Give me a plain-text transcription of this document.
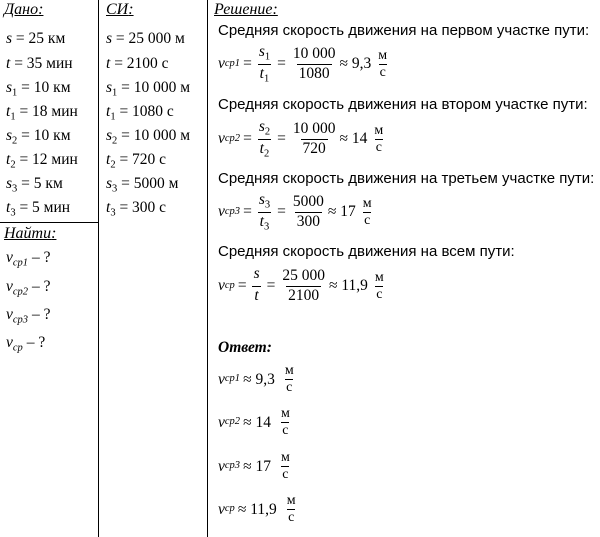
Дано:	СИ:	Решение:
s = 25 км
t = 35 мин
$s_1 = 10$ км
$t_1 = 18$ мин
$s_2 = 10$ км
$t_2 = 12$ мин
$s_3 = 5$ км
$t_3 = 5$ мин
s = 25 000 м
t = 2100 с
$s_1 = 10$ 000 м
$t_1 = 1080$ с
$s_2 = 10$ 000 м
$t_2 = 720$ с
$s_3 = 5000$ м
$t_3 = 300$ с
Найти:
$v_{ср1}$ – ?
$v_{ср2}$ – ?
$v_{ср3}$ – ?
$v_{ср}$ – ?
Средняя скорость движения на первом участке пути:
v $ср1 = \frac{s_1}{t_1} = \frac{10 000}{1080} \approx 9,3 \frac{м}{с}$
Средняя скорость движения на втором участке пути:
v $ср2 = \frac{s_2}{t_2} = \frac{10 000}{720} \approx 14 \frac{м}{с}$
Средняя скорость движения на третьем участке пути:
v $ср3 = \frac{s_3}{t_3} = \frac{5000}{300} \approx 17 \frac{м}{с}$
Средняя скорость движения на всем пути:
v ср = $\frac{s}{t} = \frac{25 000}{2100} \approx 11,9 \frac{м}{с}$
Ответ:
v $ср1 \approx 9,3 \frac{м}{с}$
v $ср2 \approx 14 \frac{м}{с}$
v $ср3 \approx 17 \frac{м}{с}$
v ср ≈ $11,9 \frac{м}{с}$
